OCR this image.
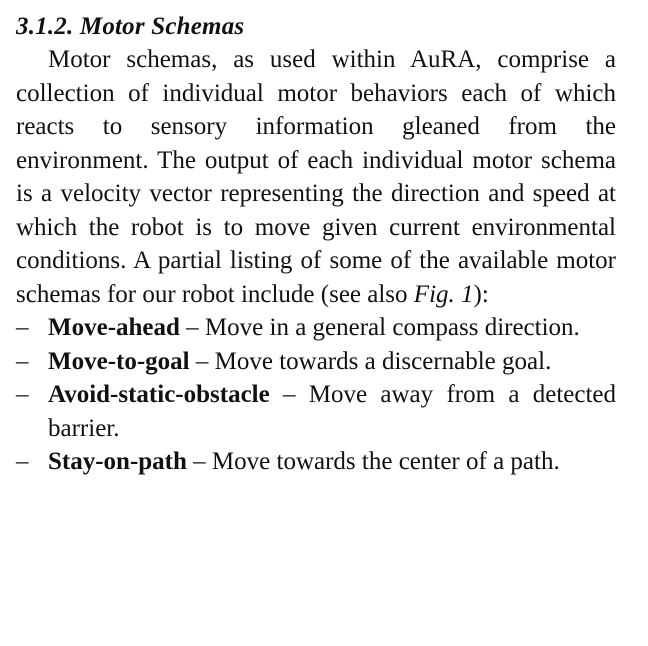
3.1.2. Motor Schemas

Motor schemas, as used within AuRA, comprise a collection of individual motor behaviors each of which reacts to sensory information gleaned from the environment. The output of each individual motor schema is a velocity vector representing the direction and speed at which the robot is to move given current environmental conditions. A partial listing of some of the available motor schemas for our robot include (see also Fig. 1):

– Move-ahead – Move in a general compass direction.
– Move-to-goal – Move towards a discernable goal.
– Avoid-static-obstacle – Move away from a detected barrier.
– Stay-on-path – Move towards the center of a path.
